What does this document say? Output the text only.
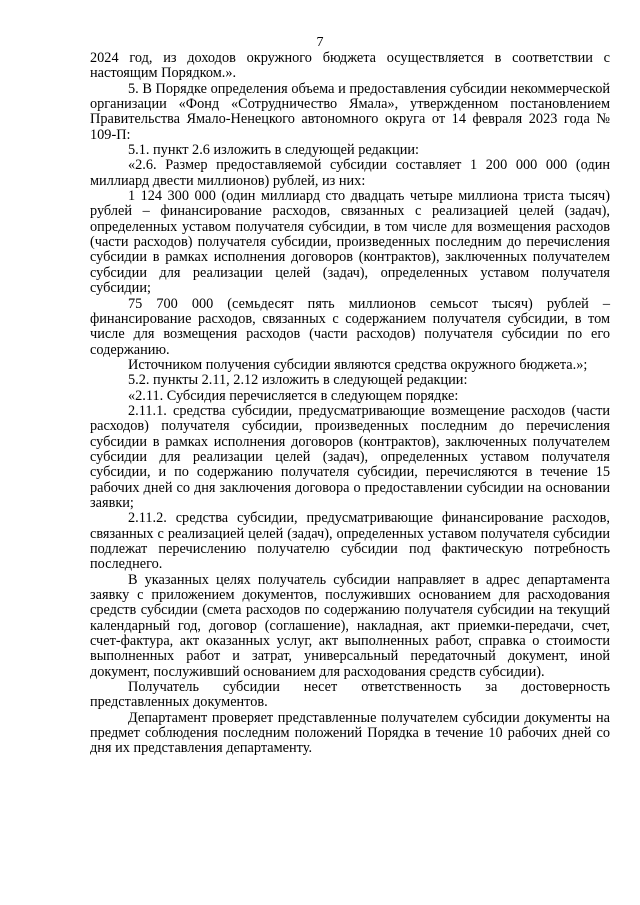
7

2024 год, из доходов окружного бюджета осуществляется в соответствии с настоящим Порядком.».

5. В Порядке определения объема и предоставления субсидии некоммерческой организации «Фонд «Сотрудничество Ямала», утвержденном постановлением Правительства Ямало-Ненецкого автономного округа от 14 февраля 2023 года № 109-П:

5.1. пункт 2.6 изложить в следующей редакции:

«2.6. Размер предоставляемой субсидии составляет 1 200 000 000 (один миллиард двести миллионов) рублей, из них:

1 124 300 000 (один миллиард сто двадцать четыре миллиона триста тысяч) рублей – финансирование расходов, связанных с реализацией целей (задач), определенных уставом получателя субсидии, в том числе для возмещения расходов (части расходов) получателя субсидии, произведенных последним до перечисления субсидии в рамках исполнения договоров (контрактов), заключенных получателем субсидии для реализации целей (задач), определенных уставом получателя субсидии;

75 700 000 (семьдесят пять миллионов семьсот тысяч) рублей – финансирование расходов, связанных с содержанием получателя субсидии, в том числе для возмещения расходов (части расходов) получателя субсидии по его содержанию.

Источником получения субсидии являются средства окружного бюджета.»;

5.2. пункты 2.11, 2.12 изложить в следующей редакции:

«2.11. Субсидия перечисляется в следующем порядке:

2.11.1. средства субсидии, предусматривающие возмещение расходов (части расходов) получателя субсидии, произведенных последним до перечисления субсидии в рамках исполнения договоров (контрактов), заключенных получателем субсидии для реализации целей (задач), определенных уставом получателя субсидии, и по содержанию получателя субсидии, перечисляются в течение 15 рабочих дней со дня заключения договора о предоставлении субсидии на основании заявки;

2.11.2. средства субсидии, предусматривающие финансирование расходов, связанных с реализацией целей (задач), определенных уставом получателя субсидии подлежат перечислению получателю субсидии под фактическую потребность последнего.

В указанных целях получатель субсидии направляет в адрес департамента заявку с приложением документов, послуживших основанием для расходования средств субсидии (смета расходов по содержанию получателя субсидии на текущий календарный год, договор (соглашение), накладная, акт приемки-передачи, счет, счет-фактура, акт оказанных услуг, акт выполненных работ, справка о стоимости выполненных работ и затрат, универсальный передаточный документ, иной документ, послуживший основанием для расходования средств субсидии).

Получатель субсидии несет ответственность за достоверность представленных документов.

Департамент проверяет представленные получателем субсидии документы на предмет соблюдения последним положений Порядка в течение 10 рабочих дней со дня их представления департаменту.
